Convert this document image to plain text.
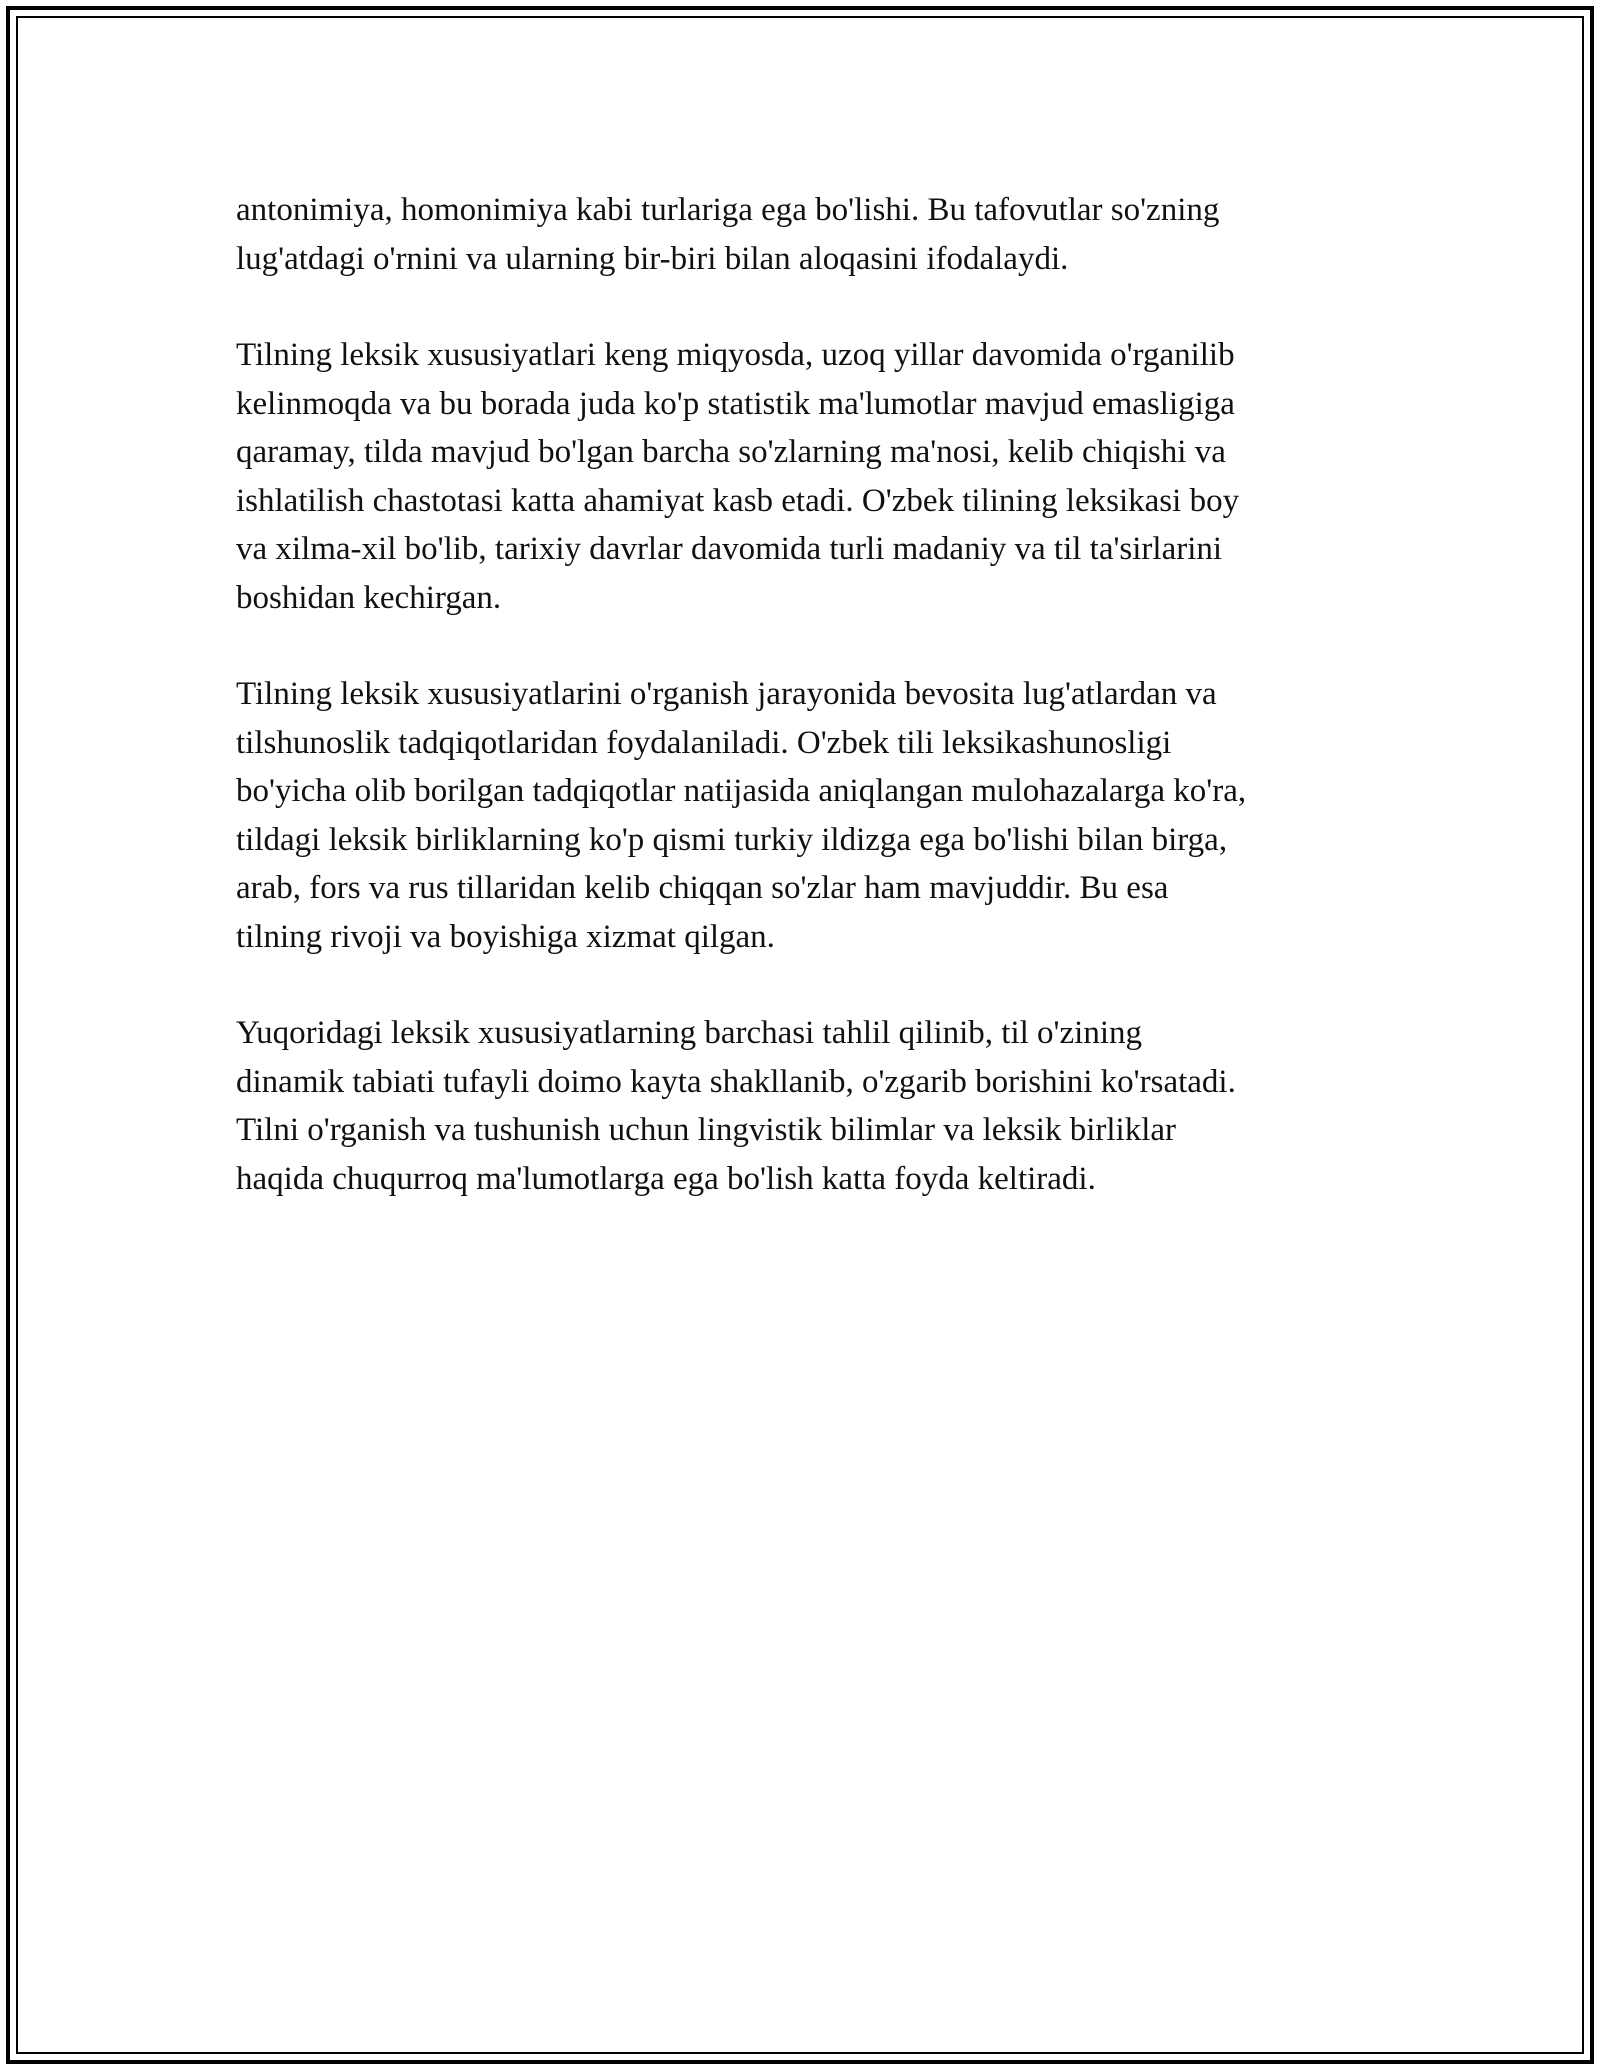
antonimiya, homonimiya kabi turlariga ega bo'lishi. Bu tafovutlar so'zning
lug'atdagi o'rnini va ularning bir-biri bilan aloqasini ifodalaydi.

Tilning leksik xususiyatlari keng miqyosda, uzoq yillar davomida o'rganilib
kelinmoqda va bu borada juda ko'p statistik ma'lumotlar mavjud emasligiga
qaramay, tilda mavjud bo'lgan barcha so'zlarning ma'nosi, kelib chiqishi va
ishlatilish chastotasi katta ahamiyat kasb etadi. O'zbek tilining leksikasi boy
va xilma-xil bo'lib, tarixiy davrlar davomida turli madaniy va til ta'sirlarini
boshidan kechirgan.

Tilning leksik xususiyatlarini o'rganish jarayonida bevosita lug'atlardan va
tilshunoslik tadqiqotlaridan foydalaniladi. O'zbek tili leksikashunosligi
bo'yicha olib borilgan tadqiqotlar natijasida aniqlangan mulohazalarga ko'ra,
tildagi leksik birliklarning ko'p qismi turkiy ildizga ega bo'lishi bilan birga,
arab, fors va rus tillaridan kelib chiqqan so'zlar ham mavjuddir. Bu esa
tilning rivoji va boyishiga xizmat qilgan.

Yuqoridagi leksik xususiyatlarning barchasi tahlil qilinib, til o'zining
dinamik tabiati tufayli doimo kayta shakllanib, o'zgarib borishini ko'rsatadi.
Tilni o'rganish va tushunish uchun lingvistik bilimlar va leksik birliklar
haqida chuqurroq ma'lumotlarga ega bo'lish katta foyda keltiradi.
